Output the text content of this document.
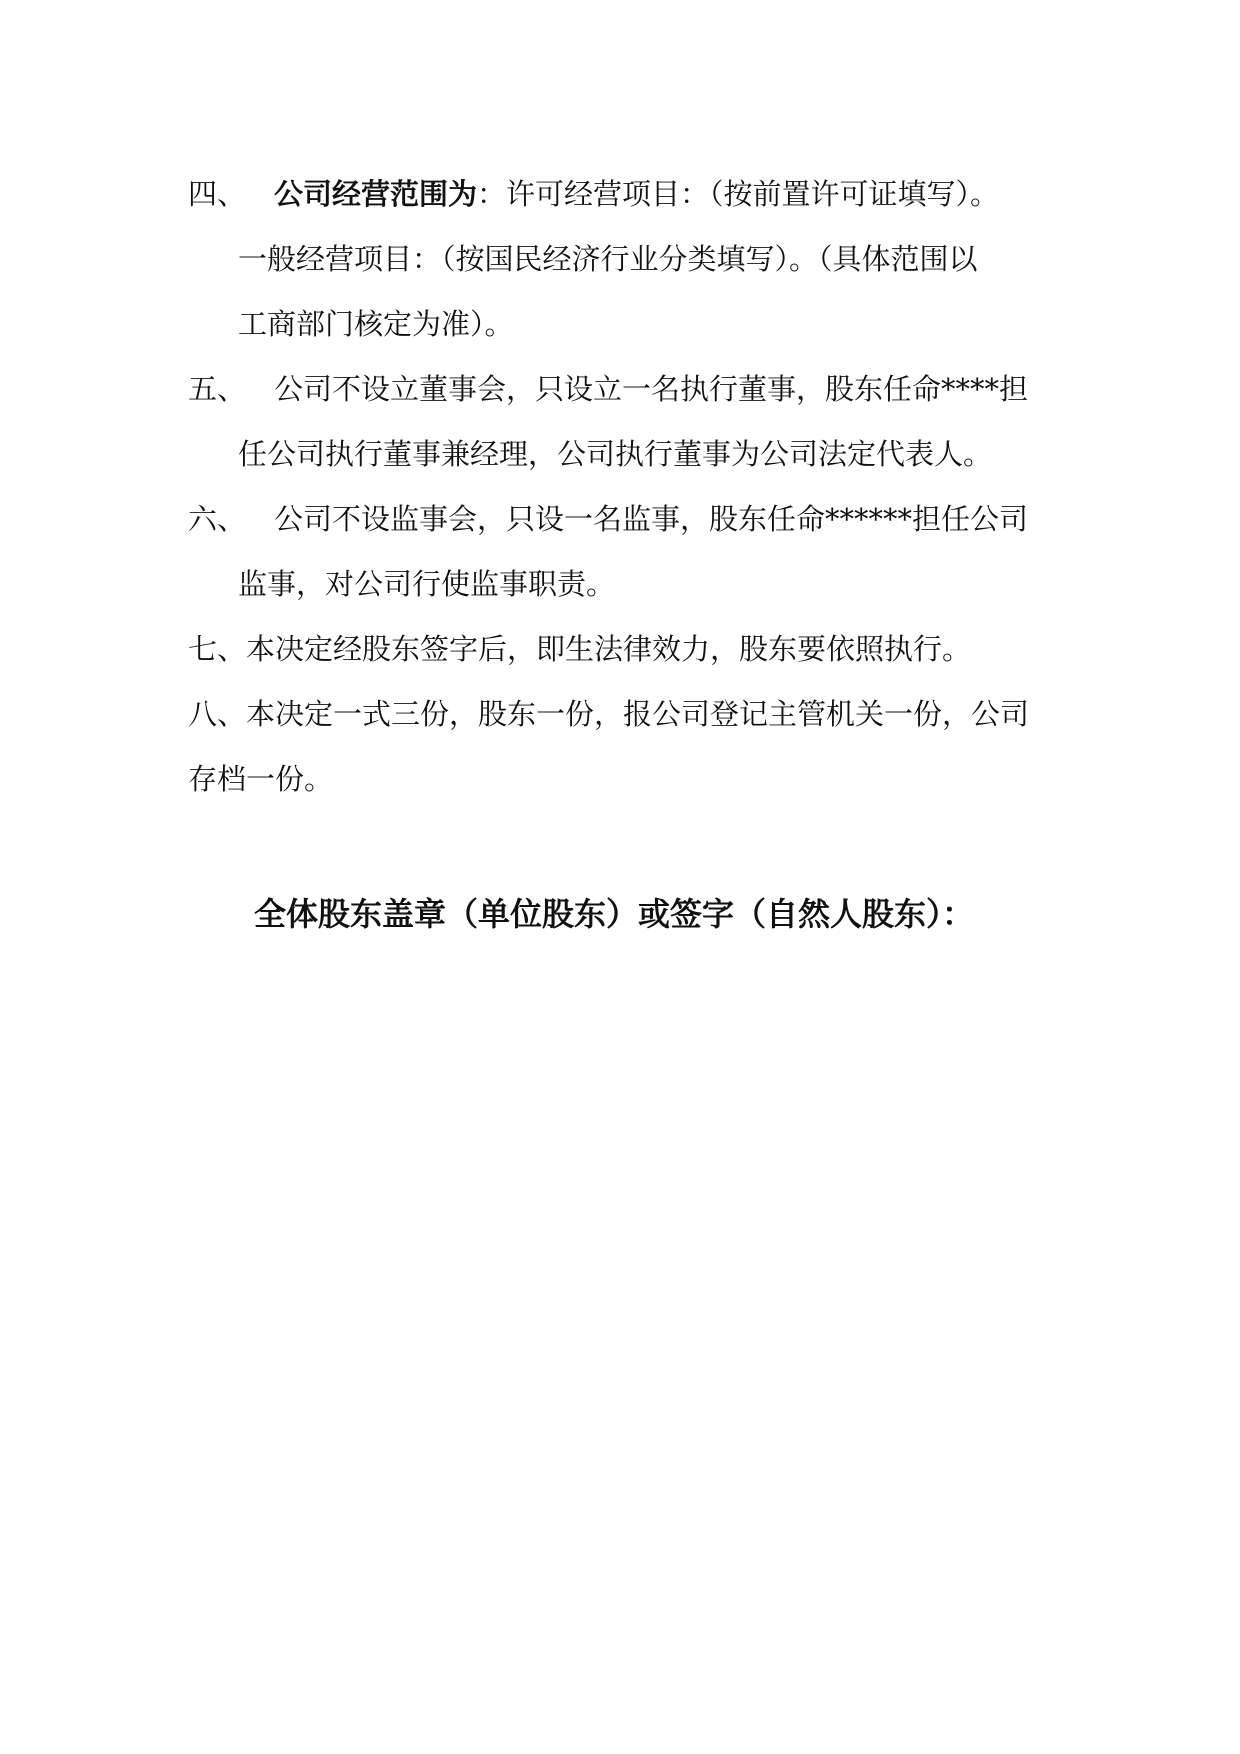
四、 公司经营范围为：许可经营项目：（按前置许可证填写）。
一般经营项目：（按国民经济行业分类填写）。（具体范围以
工商部门核定为准）。
五、 公司不设立董事会，只设立一名执行董事，股东任命****担
任公司执行董事兼经理，公司执行董事为公司法定代表人。
六、 公司不设监事会，只设一名监事，股东任命******担任公司
监事，对公司行使监事职责。
七、本决定经股东签字后，即生法律效力，股东要依照执行。
八、本决定一式三份，股东一份，报公司登记主管机关一份，公司
存档一份。
全体股东盖章（单位股东）或签字（自然人股东）：
